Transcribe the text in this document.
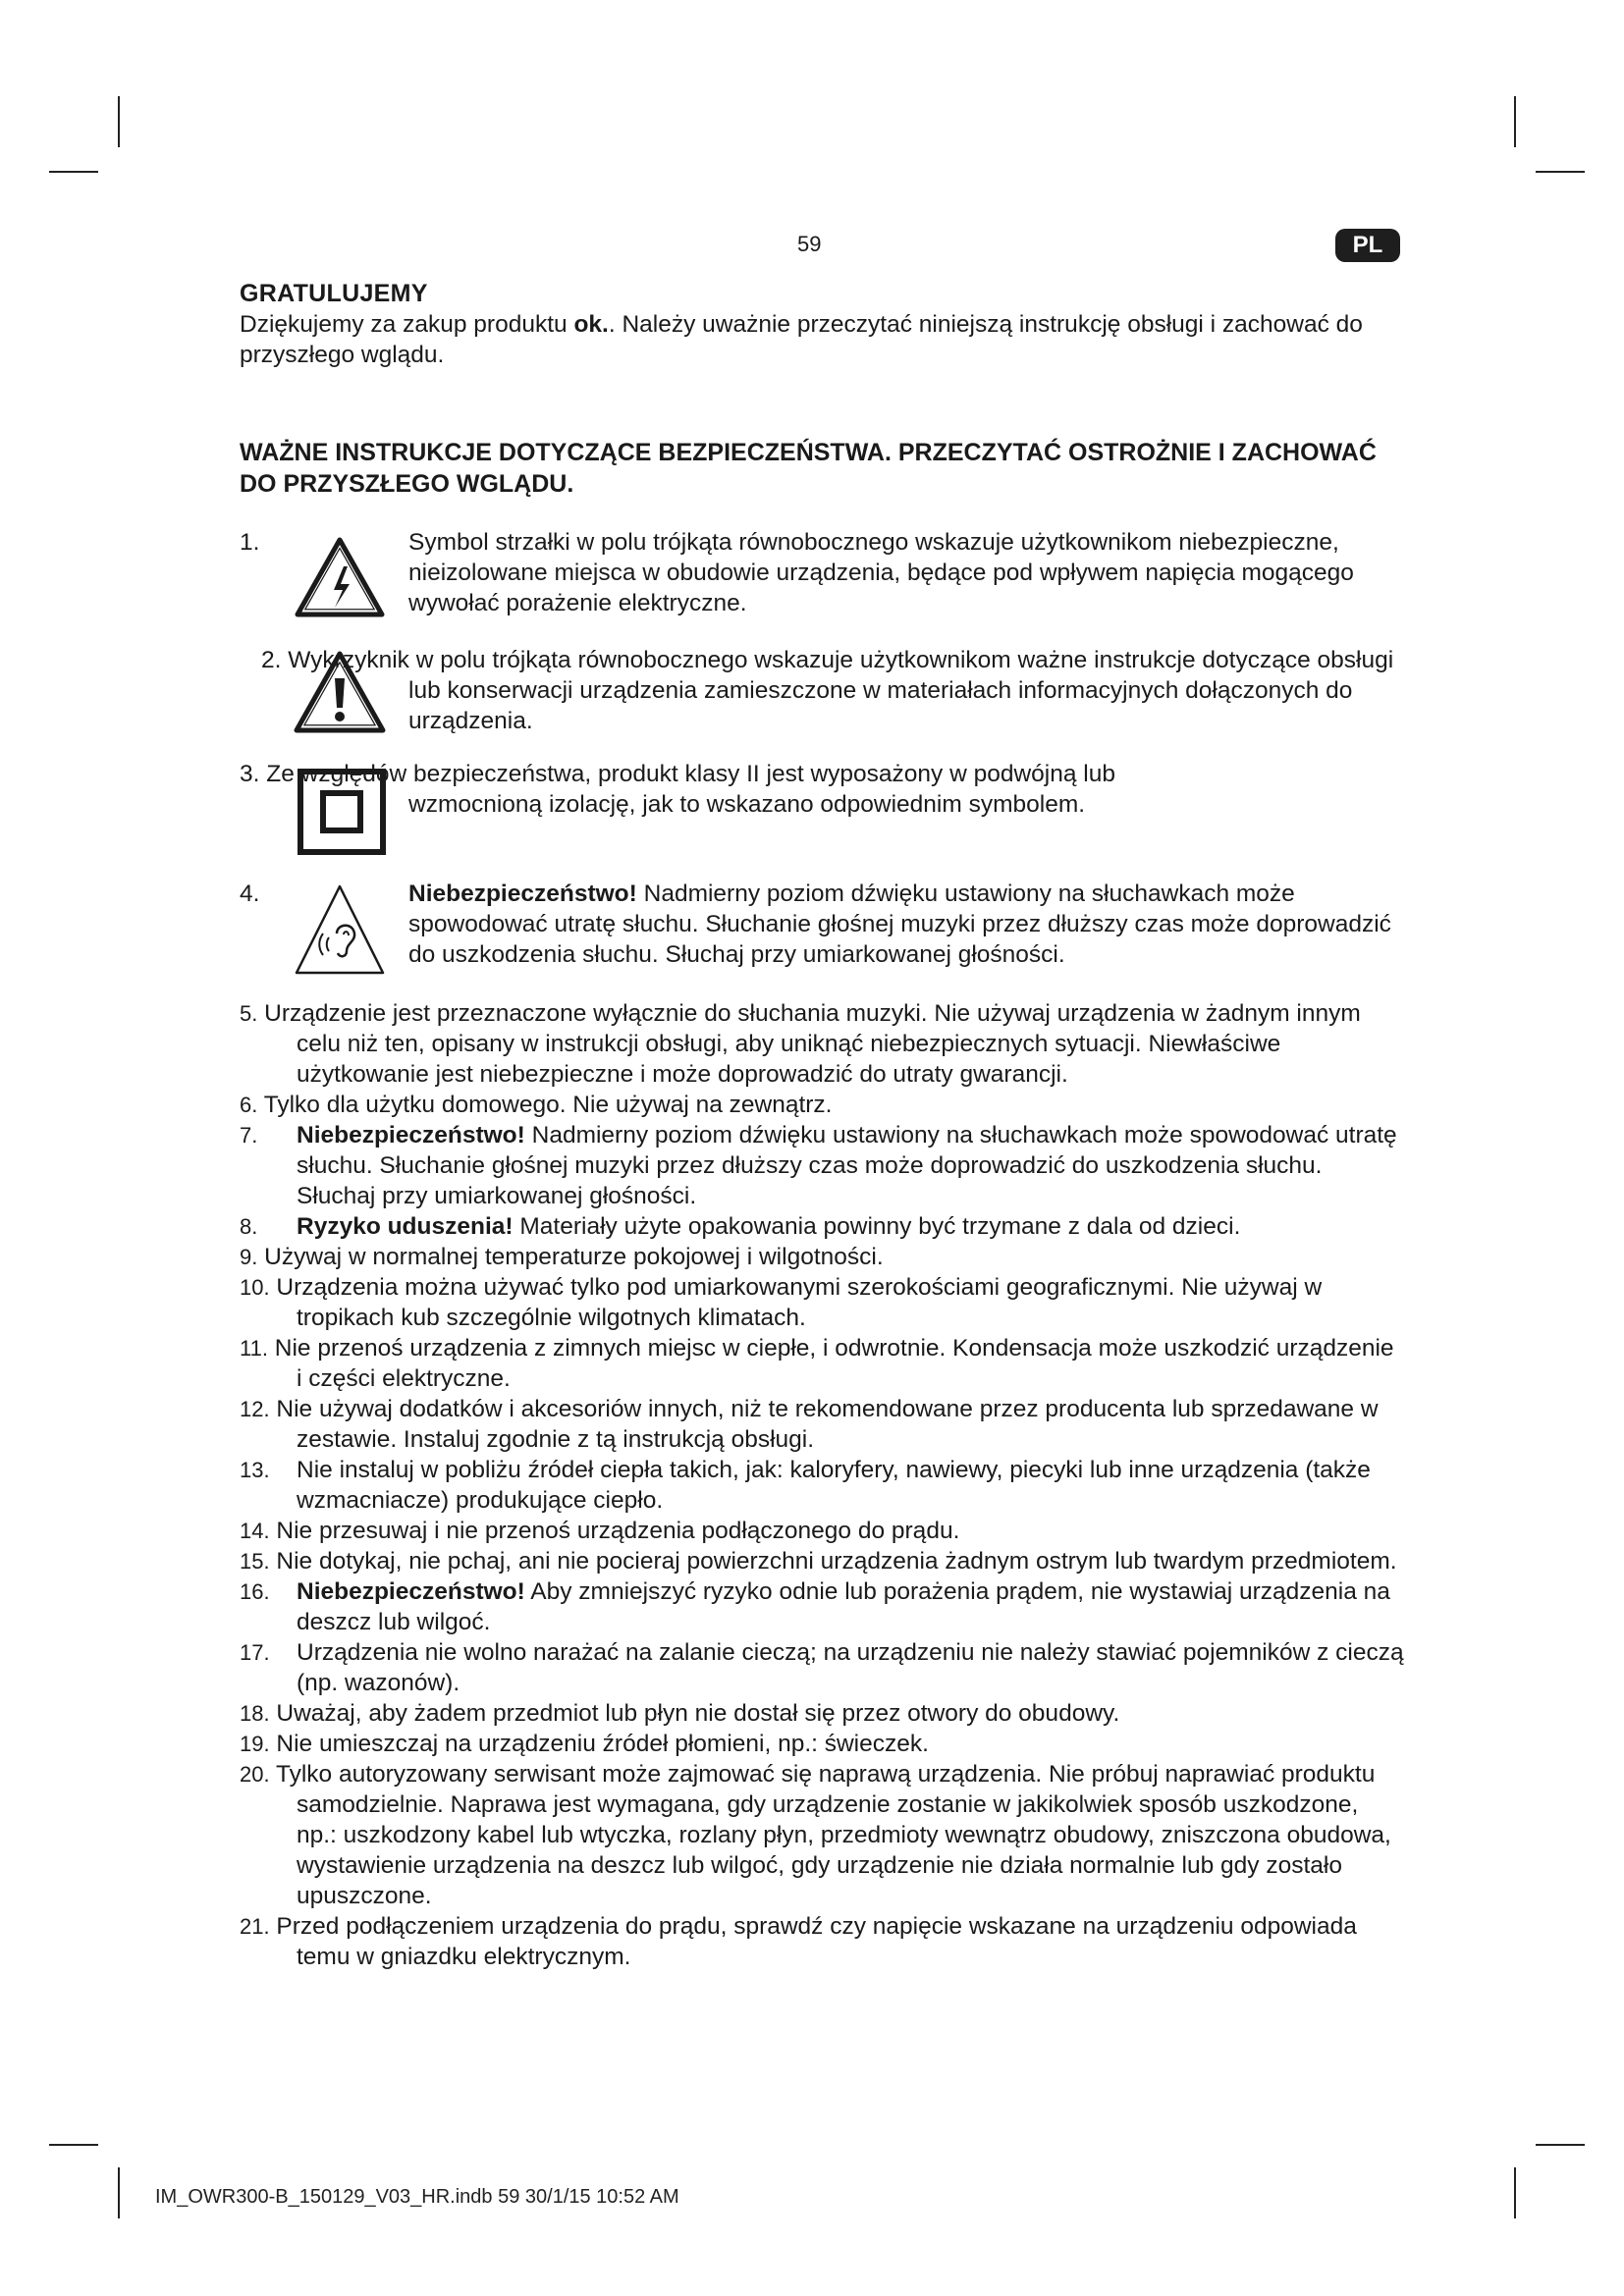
59	PL
GRATULUJEMY

Dziękujemy za zakup produktu ok.. Należy uważnie przeczytać niniejszą instrukcję obsługi i zachować do przyszłego wglądu.

WAŻNE INSTRUKCJE DOTYCZĄCE BEZPIECZEŃSTWA. PRZECZYTAĆ OSTROŻNIE I ZACHOWAĆ DO PRZYSZŁEGO WGLĄDU.
1.	Symbol strzałki w polu trójkąta równobocznego wskazuje użytkownikom niebezpieczne, nieizolowane miejsca w obudowie urządzenia, będące pod wpływem napięcia mogącego wywołać porażenie elektryczne.

2. Wykrzyknik w polu trójkąta równobocznego wskazuje użytkownikom ważne instrukcje dotyczące obsługi lub konserwacji urządzenia zamieszczone w materiałach informacyjnych dołączonych do urządzenia.

3. Ze względów bezpieczeństwa, produkt klasy II jest wyposażony w podwójną lub
wzmocnioną izolację, jak to wskazano odpowiednim symbolem.

4.	Niebezpieczeństwo! Nadmierny poziom dźwięku ustawiony na słuchawkach może spowodować utratę słuchu. Słuchanie głośnej muzyki przez dłuższy czas może doprowadzić do uszkodzenia słuchu. Słuchaj przy umiarkowanej głośności.

5. Urządzenie jest przeznaczone wyłącznie do słuchania muzyki. Nie używaj urządzenia w żadnym innym celu niż ten, opisany w instrukcji obsługi, aby uniknąć niebezpiecznych sytuacji. Niewłaściwe użytkowanie jest niebezpieczne i może doprowadzić do utraty gwarancji.

6. Tylko dla użytku domowego. Nie używaj na zewnątrz.

7. Niebezpieczeństwo! Nadmierny poziom dźwięku ustawiony na słuchawkach może spowodować utratę słuchu. Słuchanie głośnej muzyki przez dłuższy czas może doprowadzić do uszkodzenia słuchu. Słuchaj przy umiarkowanej głośności.

8. Ryzyko uduszenia! Materiały użyte opakowania powinny być trzymane z dala od dzieci.

9. Używaj w normalnej temperaturze pokojowej i wilgotności.

10. Urządzenia można używać tylko pod umiarkowanymi szerokościami geograficznymi. Nie używaj w tropikach kub szczególnie wilgotnych klimatach.

11. Nie przenoś urządzenia z zimnych miejsc w ciepłe, i odwrotnie. Kondensacja może uszkodzić urządzenie i części elektryczne.

12. Nie używaj dodatków i akcesoriów innych, niż te rekomendowane przez producenta lub sprzedawane w zestawie. Instaluj zgodnie z tą instrukcją obsługi.

13. Nie instaluj w pobliżu źródeł ciepła takich, jak: kaloryfery, nawiewy, piecyki lub inne urządzenia (także wzmacniacze) produkujące ciepło.

14. Nie przesuwaj i nie przenoś urządzenia podłączonego do prądu.

15. Nie dotykaj, nie pchaj, ani nie pocieraj powierzchni urządzenia żadnym ostrym lub twardym przedmiotem.

16. Niebezpieczeństwo! Aby zmniejszyć ryzyko odnie lub porażenia prądem, nie wystawiaj urządzenia na deszcz lub wilgoć.

17. Urządzenia nie wolno narażać na zalanie cieczą; na urządzeniu nie należy stawiać pojemników z cieczą (np. wazonów).

18. Uważaj, aby żadem przedmiot lub płyn nie dostał się przez otwory do obudowy.

19. Nie umieszczaj na urządzeniu źródeł płomieni, np.: świeczek.

20. Tylko autoryzowany serwisant może zajmować się naprawą urządzenia. Nie próbuj naprawiać produktu samodzielnie. Naprawa jest wymagana, gdy urządzenie zostanie w jakikolwiek sposób uszkodzone, np.: uszkodzony kabel lub wtyczka, rozlany płyn, przedmioty wewnątrz obudowy, zniszczona obudowa, wystawienie urządzenia na deszcz lub wilgoć, gdy urządzenie nie działa normalnie lub gdy zostało upuszczone.

21. Przed podłączeniem urządzenia do prądu, sprawdź czy napięcie wskazane na urządzeniu odpowiada temu w gniazdku elektrycznym.

IM_OWR300-B_150129_V03_HR.indb 59 30/1/15 10:52 AM
